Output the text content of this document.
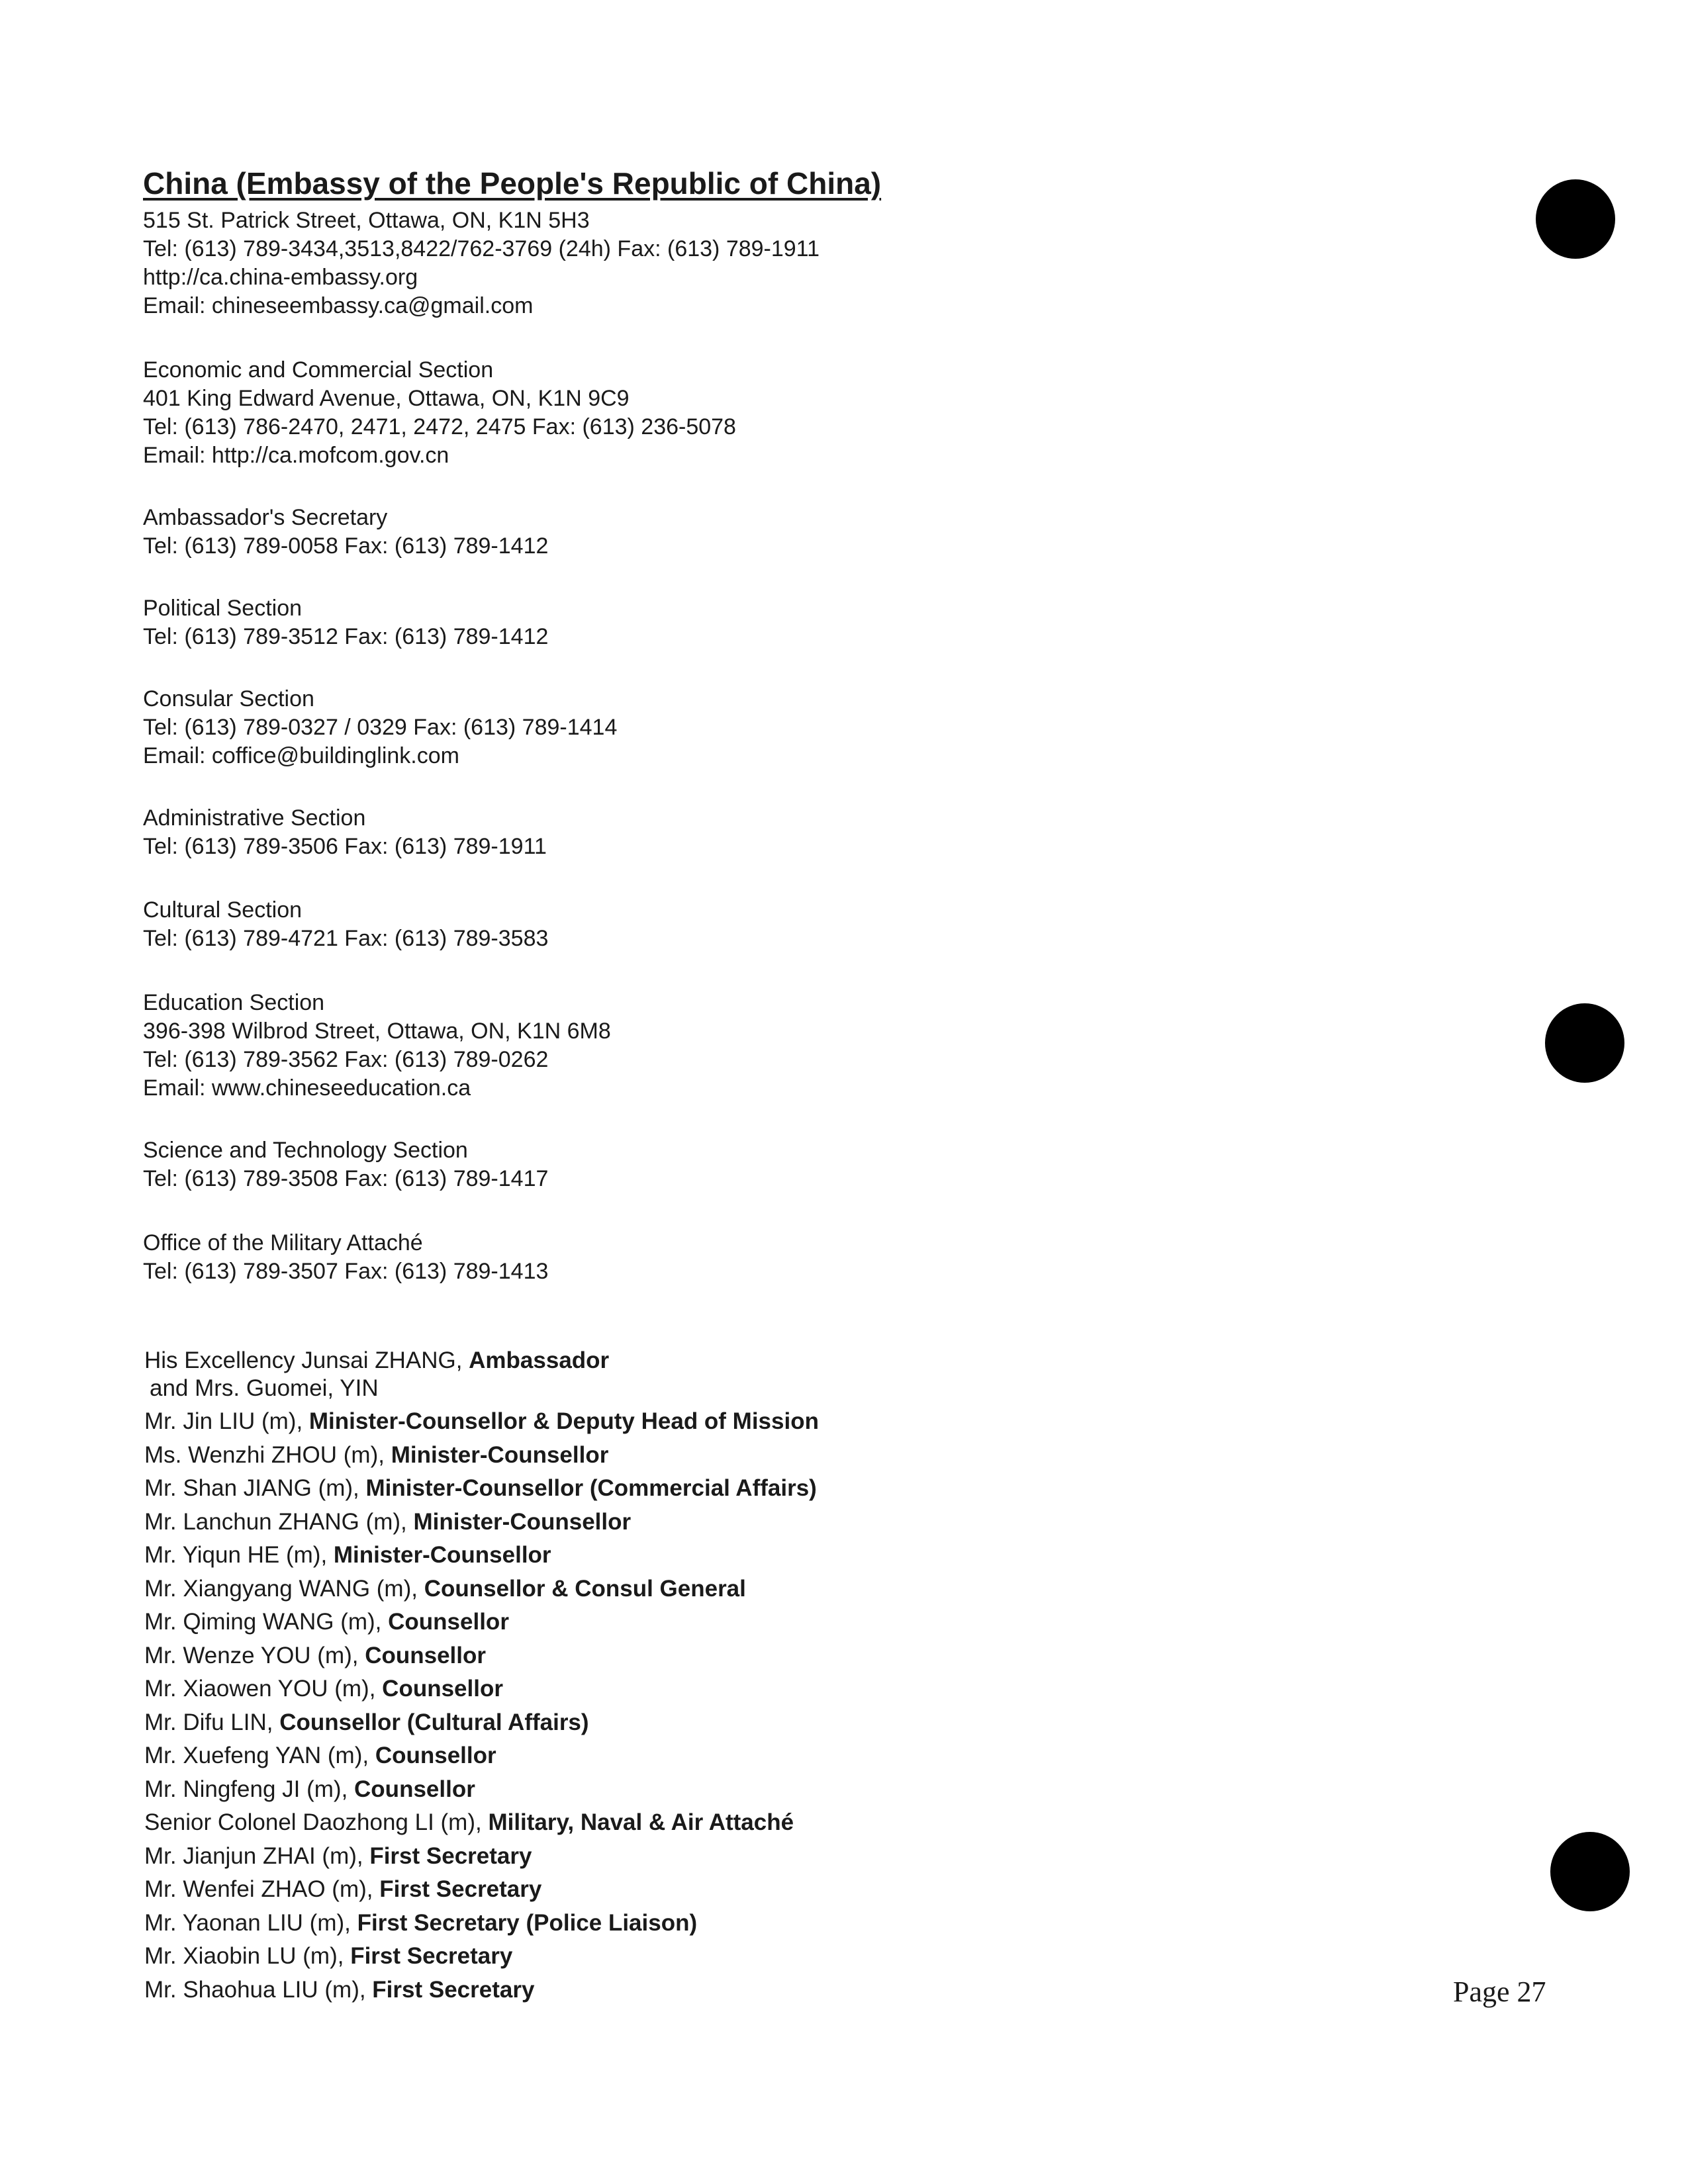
China (Embassy of the People's Republic of China)
515 St. Patrick Street, Ottawa, ON, K1N 5H3
Tel: (613) 789-3434,3513,8422/762-3769 (24h) Fax: (613) 789-1911
http://ca.china-embassy.org
Email: chineseembassy.ca@gmail.com
Economic and Commercial Section
401 King Edward Avenue, Ottawa, ON, K1N 9C9
Tel: (613) 786-2470, 2471, 2472, 2475 Fax: (613) 236-5078
Email: http://ca.mofcom.gov.cn
Ambassador's Secretary
Tel: (613) 789-0058 Fax: (613) 789-1412
Political Section
Tel: (613) 789-3512 Fax: (613) 789-1412
Consular Section
Tel: (613) 789-0327 / 0329 Fax: (613) 789-1414
Email: coffice@buildinglink.com
Administrative Section
Tel: (613) 789-3506 Fax: (613) 789-1911
Cultural Section
Tel: (613) 789-4721 Fax: (613) 789-3583
Education Section
396-398 Wilbrod Street, Ottawa, ON, K1N 6M8
Tel: (613) 789-3562 Fax: (613) 789-0262
Email: www.chineseeducation.ca
Science and Technology Section
Tel: (613) 789-3508 Fax: (613) 789-1417
Office of the Military Attaché
Tel: (613) 789-3507 Fax: (613) 789-1413
His Excellency Junsai ZHANG, Ambassador
and Mrs. Guomei, YIN
Mr. Jin LIU (m), Minister-Counsellor & Deputy Head of Mission
Ms. Wenzhi ZHOU (m), Minister-Counsellor
Mr. Shan JIANG (m), Minister-Counsellor (Commercial Affairs)
Mr. Lanchun ZHANG (m), Minister-Counsellor
Mr. Yiqun HE (m), Minister-Counsellor
Mr. Xiangyang WANG (m), Counsellor & Consul General
Mr. Qiming WANG (m), Counsellor
Mr. Wenze YOU (m), Counsellor
Mr. Xiaowen YOU (m), Counsellor
Mr. Difu LIN, Counsellor (Cultural Affairs)
Mr. Xuefeng YAN (m), Counsellor
Mr. Ningfeng JI (m), Counsellor
Senior Colonel Daozhong LI (m), Military, Naval & Air Attaché
Mr. Jianjun ZHAI (m), First Secretary
Mr. Wenfei ZHAO (m), First Secretary
Mr. Yaonan LIU (m), First Secretary (Police Liaison)
Mr. Xiaobin LU (m), First Secretary
Mr. Shaohua LIU (m), First Secretary	Page 27
